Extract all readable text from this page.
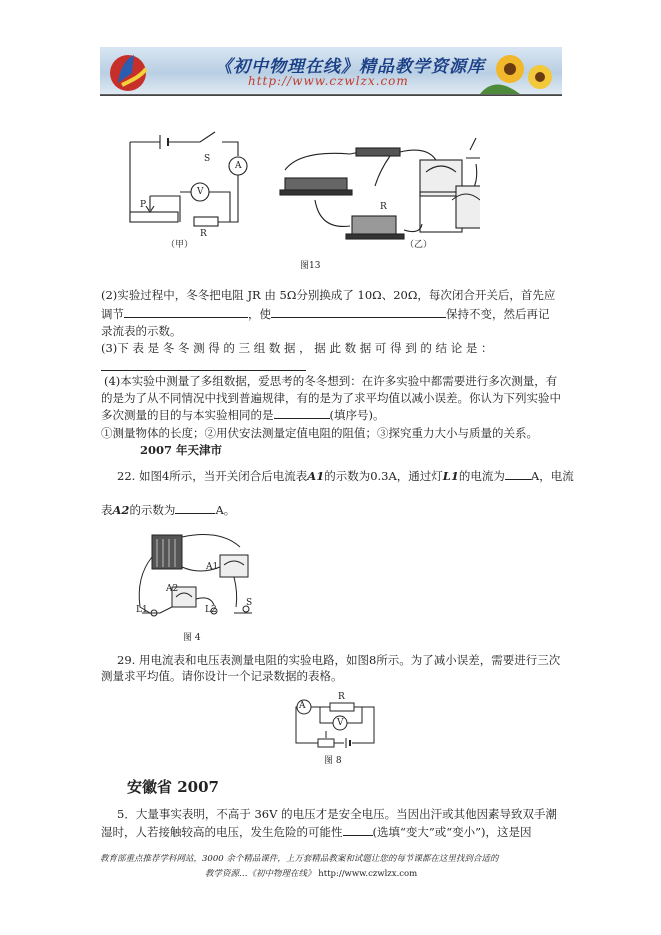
《初中物理在线》精品教学资源库
http://www.czwlzx.com
S
A
V
P
R
（甲）
R
（乙）
图13
(2)实验过程中，冬冬把电阻 JR 由 5Ω分别换成了 10Ω、20Ω，每次闭合开关后，首先应
调节	，使	保持不变，然后再记
录流表的示数。
(3)下 表 是 冬 冬 测 得 的 三 组 数 据 ， 据 此 数 据 可 得 到 的 结 论 是 ：
(4)本实验中测量了多组数据，爱思考的冬冬想到：在许多实验中都需要进行多次测量，有
的是为了从不同情况中找到普遍规律，有的是为了求平均值以减小误差。你认为下列实验中
多次测量的目的与本实验相同的是	(填序号)。
①测量物体的长度；②用伏安法测量定值电阻的阻值；③探究重力大小与质量的关系。
2007 年天津市
22. 如图4所示，当开关闭合后电流表A1的示数为0.3A，通过灯L1的电流为 A，电流
表A2的示数为	A。
A1
A2
L1	L2
S
图 4
29. 用电流表和电压表测量电阻的实验电路，如图8所示。为了减小误差，需要进行三次
测量求平均值。请你设计一个记录数据的表格。
A
R
V
图 8
安徽省 2007
5．大量事实表明，不高于 36V 的电压才是安全电压。当因出汗或其他因素导致双手潮
湿时，人若接触较高的电压，发生危险的可能性	(选填“变大”或“变小”)，这是因
教育部重点推荐学科网站，3000 余个精品课件，上万套精品教案和试题让您的每节课都在这里找到合适的
教学资源…《初中物理在线》 http://www.czwlzx.com
